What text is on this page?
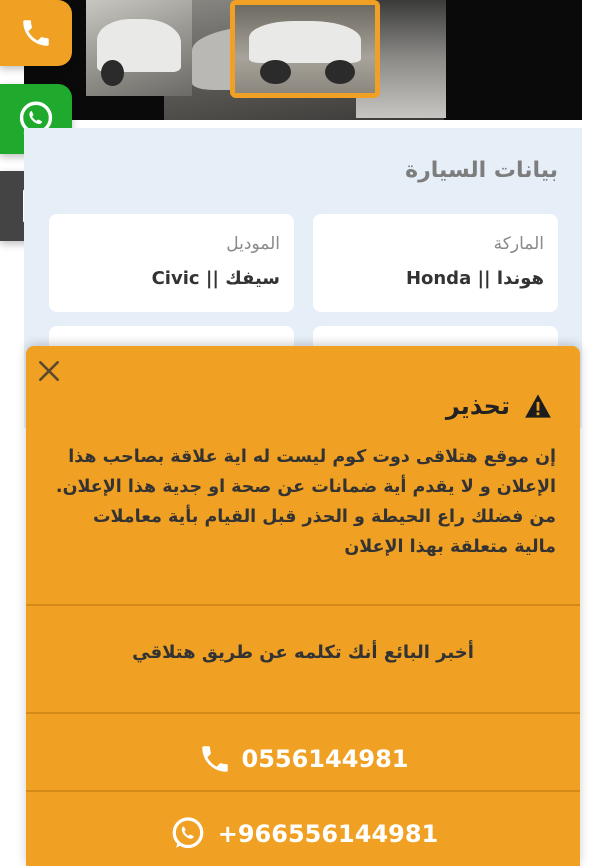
بيانات السيارة
الماركة
هوندا || Honda
الموديل
سيفك || Civic
تحذير
إن موقع هتلاقى دوت كوم ليست له اية علاقة بصاحب هذا الإعلان و لا يقدم أية ضمانات عن صحة او جدية هذا الإعلان. من فضلك راع الحيطة و الحذر قبل القيام بأية معاملات مالية متعلقة بهذا الإعلان
أخبر البائع أنك تكلمه عن طريق هتلاقي
0556144981
+966556144981
